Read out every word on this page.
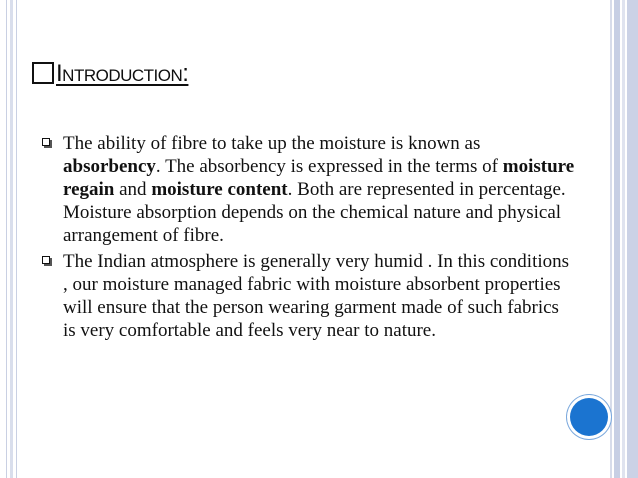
Introduction:
The ability of fibre to take up the moisture is known as absorbency. The absorbency is expressed in the terms of moisture regain and moisture content. Both are represented in percentage. Moisture absorption depends on the chemical nature and physical arrangement of fibre.
The Indian atmosphere is generally very humid . In this conditions , our moisture managed fabric with moisture absorbent properties will ensure that the person wearing garment made of such fabrics is very comfortable and feels very near to nature.
